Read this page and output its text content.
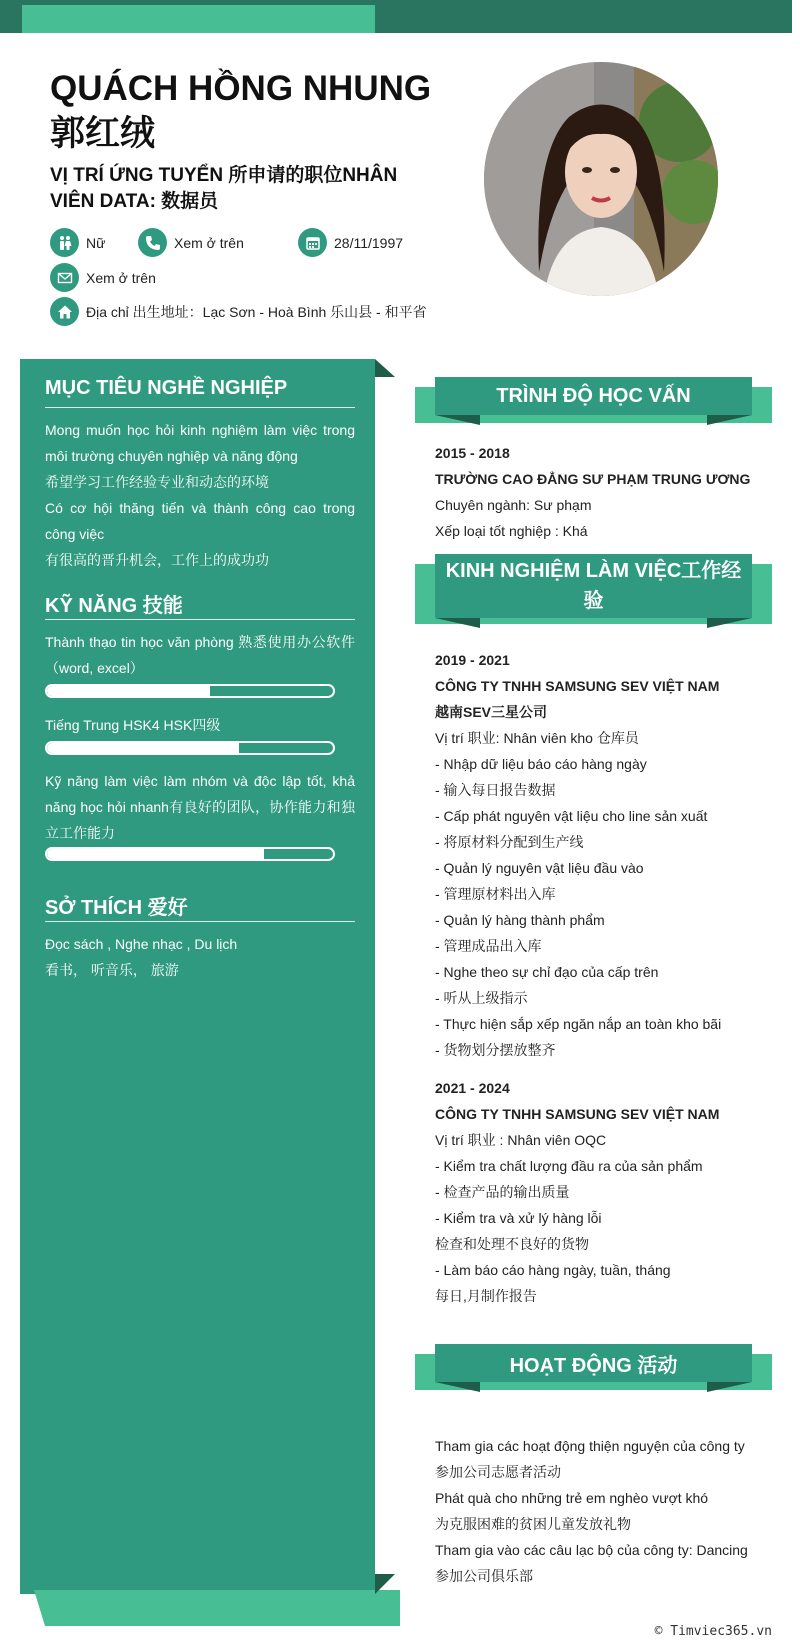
QUÁCH HỒNG NHUNG 郭红绒
VỊ TRÍ ỨNG TUYỂN 所申请的职位NHÂN VIÊN DATA: 数据员
Nữ	Xem ở trên	28/11/1997
Xem ở trên
Địa chỉ 出生地址：Lạc Sơn - Hoà Bình 乐山县 - 和平省
MỤC TIÊU NGHỀ NGHIỆP
Mong muốn học hỏi kinh nghiệm làm việc trong môi trường chuyên nghiệp và năng động
希望学习工作经验专业和动态的环境
Có cơ hội thăng tiến và thành công cao trong công việc
有很高的晋升机会，工作上的成功功
KỸ NĂNG 技能
Thành thạo tin học văn phòng 熟悉使用办公软件 （word, excel）
Tiếng Trung HSK4 HSK四级
Kỹ năng làm việc làm nhóm và độc lập tốt, khả năng học hỏi nhanh有良好的团队，协作能力和独立工作能力
SỞ THÍCH 爱好
Đọc sách , Nghe nhạc , Du lịch
看书， 听音乐， 旅游
TRÌNH ĐỘ HỌC VẤN
2015 - 2018
TRƯỜNG CAO ĐẲNG SƯ PHẠM TRUNG ƯƠNG
Chuyên ngành: Sư phạm
Xếp loại tốt nghiệp : Khá
KINH NGHIỆM LÀM VIỆC工作经验
2019 - 2021
CÔNG TY TNHH SAMSUNG SEV VIỆT NAM
越南SEV三星公司
Vị trí 职业: Nhân viên kho 仓库员
- Nhập dữ liệu báo cáo hàng ngày
- 输入每日报告数据
- Cấp phát nguyên vật liệu cho line sản xuất
- 将原材料分配到生产线
- Quản lý nguyên vật liệu đầu vào
- 管理原材料出入库
- Quản lý hàng thành phẩm
- 管理成品出入库
- Nghe theo sự chỉ đạo của cấp trên
- 听从上级指示
- Thực hiện sắp xếp ngăn nắp an toàn kho bãi
- 货物划分摆放整齐
2021 - 2024
CÔNG TY TNHH SAMSUNG SEV VIỆT NAM
Vị trí 职业 : Nhân viên OQC
- Kiểm tra chất lượng đầu ra của sản phẩm
- 检查产品的输出质量
- Kiểm tra và xử lý hàng lỗi
检查和处理不良好的货物
- Làm báo cáo hàng ngày, tuần, tháng
每日,月制作报告
HOẠT ĐỘNG 活动
Tham gia các hoạt động thiện nguyện của công ty
参加公司志愿者活动
Phát quà cho những trẻ em nghèo vượt khó
为克服困难的贫困儿童发放礼物
Tham gia vào các câu lạc bộ của công ty: Dancing
参加公司俱乐部
© Timviec365.vn
